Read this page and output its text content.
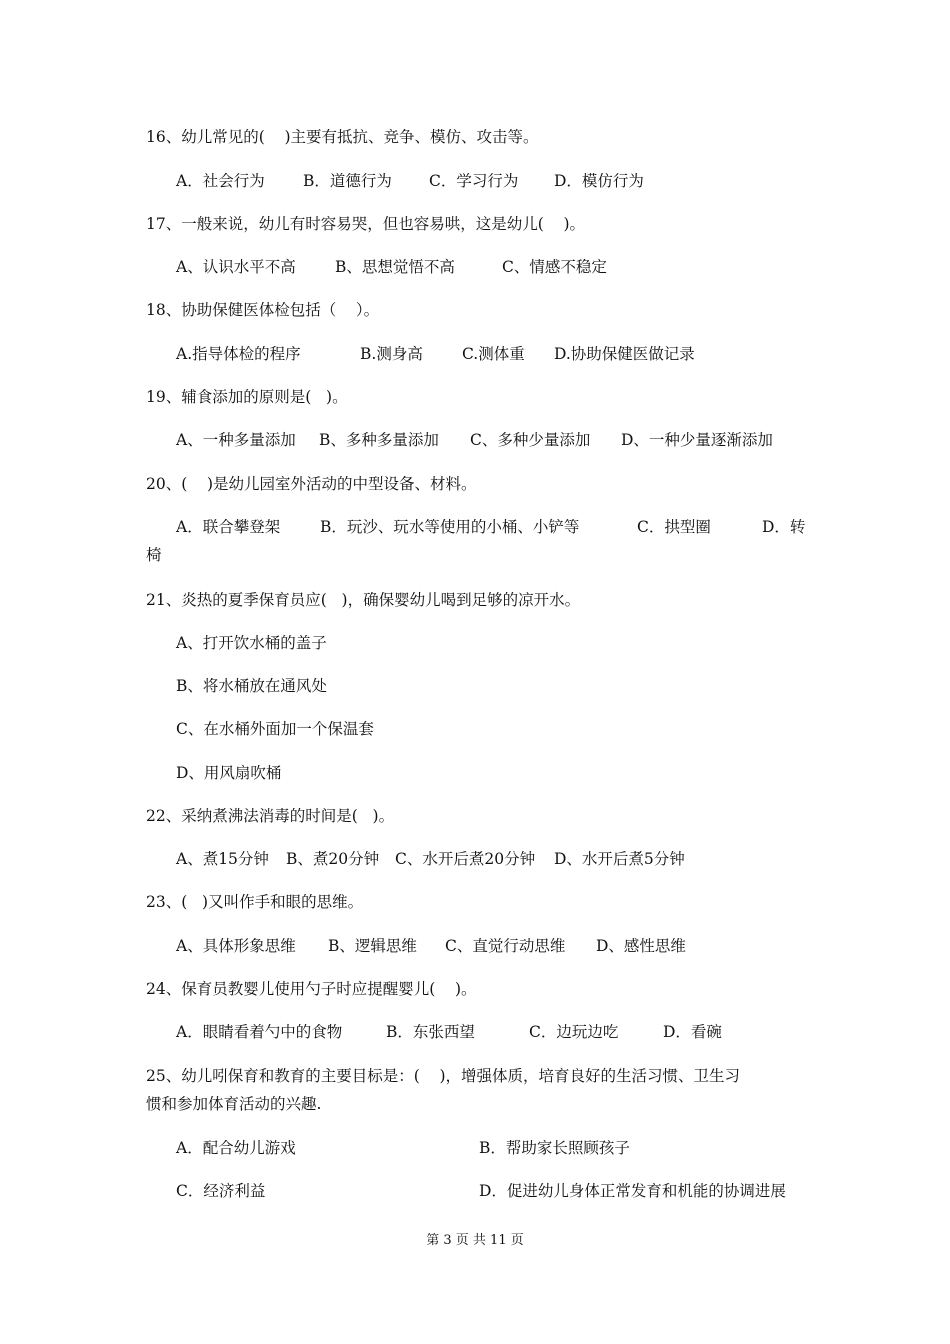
16、幼儿常见的(    )主要有抵抗、竞争、模仿、攻击等。
A．社会行为 B．道德行为 C．学习行为 D．模仿行为
17、一般来说，幼儿有时容易哭，但也容易哄，这是幼儿(    )。
A、认识水平不高	B、思想觉悟不高	C、情感不稳定
18、协助保健医体检包括（    ）。
A.指导体检的程序	B.测身高	C.测体重 D.协助保健医做记录
19、辅食添加的原则是(   )。
A、一种多量添加 B、多种多量添加 C、多种少量添加 D、一种少量逐渐添加
20、(    )是幼儿园室外活动的中型设备、材料。
A．联合攀登架	B．玩沙、玩水等使用的小桶、小铲等	C．拱型圈	D．转
椅
21、炎热的夏季保育员应(   )，确保婴幼儿喝到足够的凉开水。
A、打开饮水桶的盖子
B、将水桶放在通风处
C、在水桶外面加一个保温套
D、用风扇吹桶
22、采纳煮沸法消毒的时间是(   )。
A、煮15分钟 B、煮20分钟 C、水开后煮20分钟 D、水开后煮5分钟
23、(   )又叫作手和眼的思维。
A、具体形象思维 B、逻辑思维 C、直觉行动思维 D、感性思维
24、保育员教婴儿使用勺子时应提醒婴儿(    )。
A．眼睛看着勺中的食物	B．东张西望	C．边玩边吃	D．看碗
25、幼儿吲保育和教育的主要目标是：(    )，增强体质，培育良好的生活习惯、卫生习
惯和参加体育活动的兴趣.
A．配合幼儿游戏	B．帮助家长照顾孩子
C．经济利益	D．促进幼儿身体正常发育和机能的协调进展
第 3 页 共 11 页
